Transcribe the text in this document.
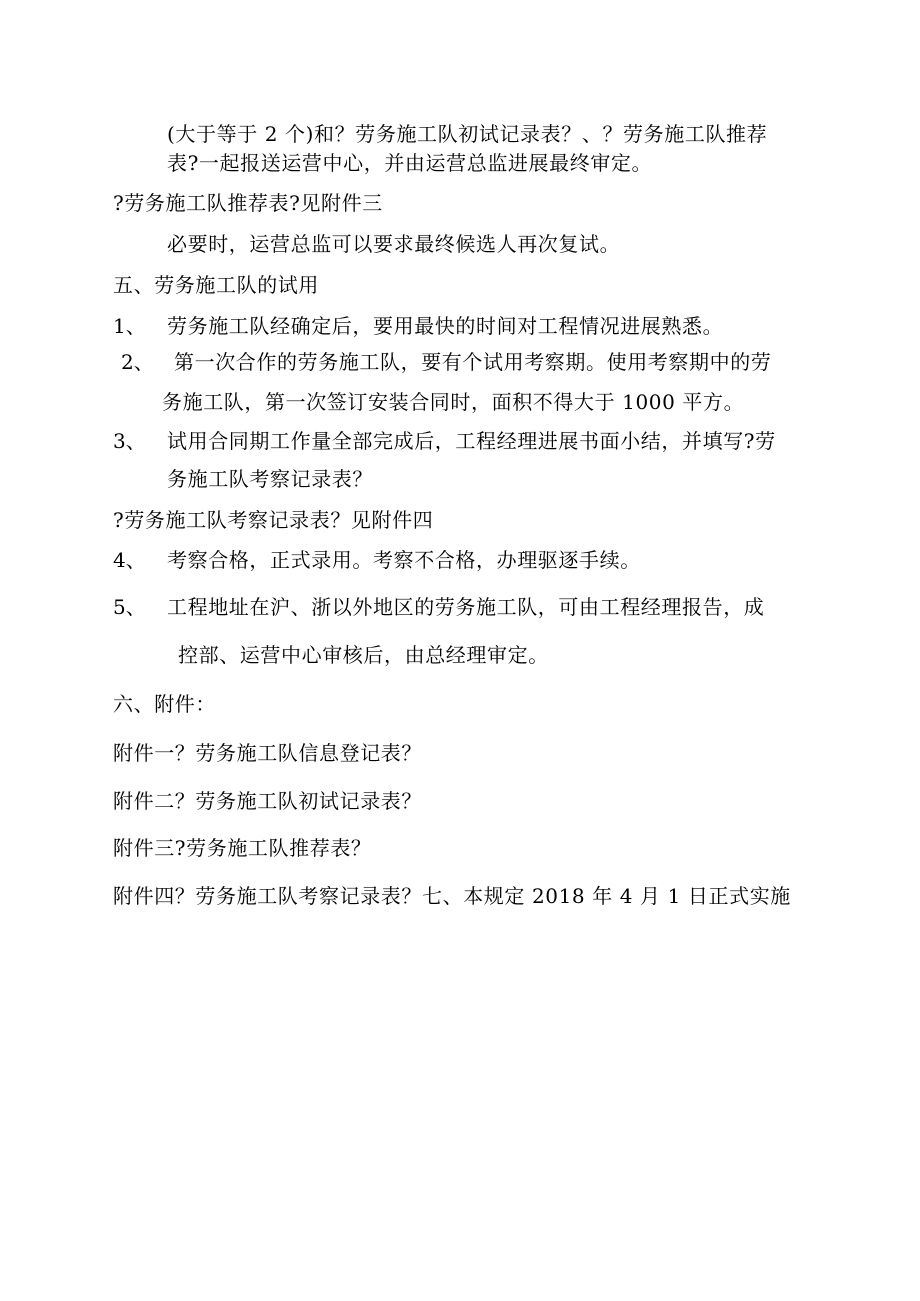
(大于等于 2 个)和？劳务施工队初试记录表？、？劳务施工队推荐
表?一起报送运营中心，并由运营总监进展最终审定。
?劳务施工队推荐表?见附件三
必要时，运营总监可以要求最终候选人再次复试。
五、劳务施工队的试用
1、 劳务施工队经确定后，要用最快的时间对工程情况进展熟悉。
2、 第一次合作的劳务施工队，要有个试用考察期。使用考察期中的劳
务施工队，第一次签订安装合同时，面积不得大于 1000 平方。
3、 试用合同期工作量全部完成后，工程经理进展书面小结，并填写?劳
务施工队考察记录表？
?劳务施工队考察记录表？见附件四
4、 考察合格，正式录用。考察不合格，办理驱逐手续。
5、 工程地址在沪、浙以外地区的劳务施工队，可由工程经理报告，成
控部、运营中心审核后，由总经理审定。
六、附件：
附件一？劳务施工队信息登记表？
附件二？劳务施工队初试记录表？
附件三?劳务施工队推荐表？
附件四？劳务施工队考察记录表？七、本规定 2018 年 4 月 1 日正式实施
